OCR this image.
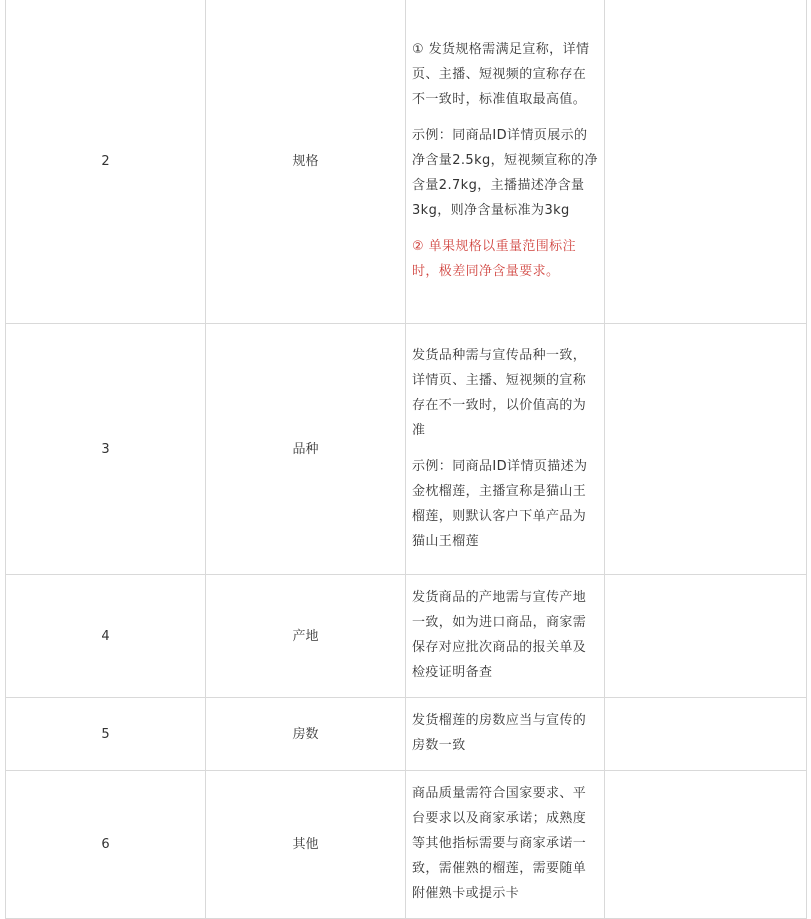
2	规格	① 发货规格需满足宣称，详情页、主播、短视频的宣称存在不一致时，标准值取最高值。

示例：同商品ID详情页展示的净含量2.5kg，短视频宣称的净含量2.7kg，主播描述净含量3kg，则净含量标准为3kg

② 单果规格以重量范围标注时，极差同净含量要求。	

3	品种	发货品种需与宣传品种一致，详情页、主播、短视频的宣称存在不一致时，以价值高的为准

示例：同商品ID详情页描述为金枕榴莲，主播宣称是猫山王榴莲，则默认客户下单产品为猫山王榴莲	

4	产地	发货商品的产地需与宣传产地一致，如为进口商品，商家需保存对应批次商品的报关单及检疫证明备查	

5	房数	发货榴莲的房数应当与宣传的房数一致	

6	其他	商品质量需符合国家要求、平台要求以及商家承诺；成熟度等其他指标需要与商家承诺一致，需催熟的榴莲，需要随单附催熟卡或提示卡	
